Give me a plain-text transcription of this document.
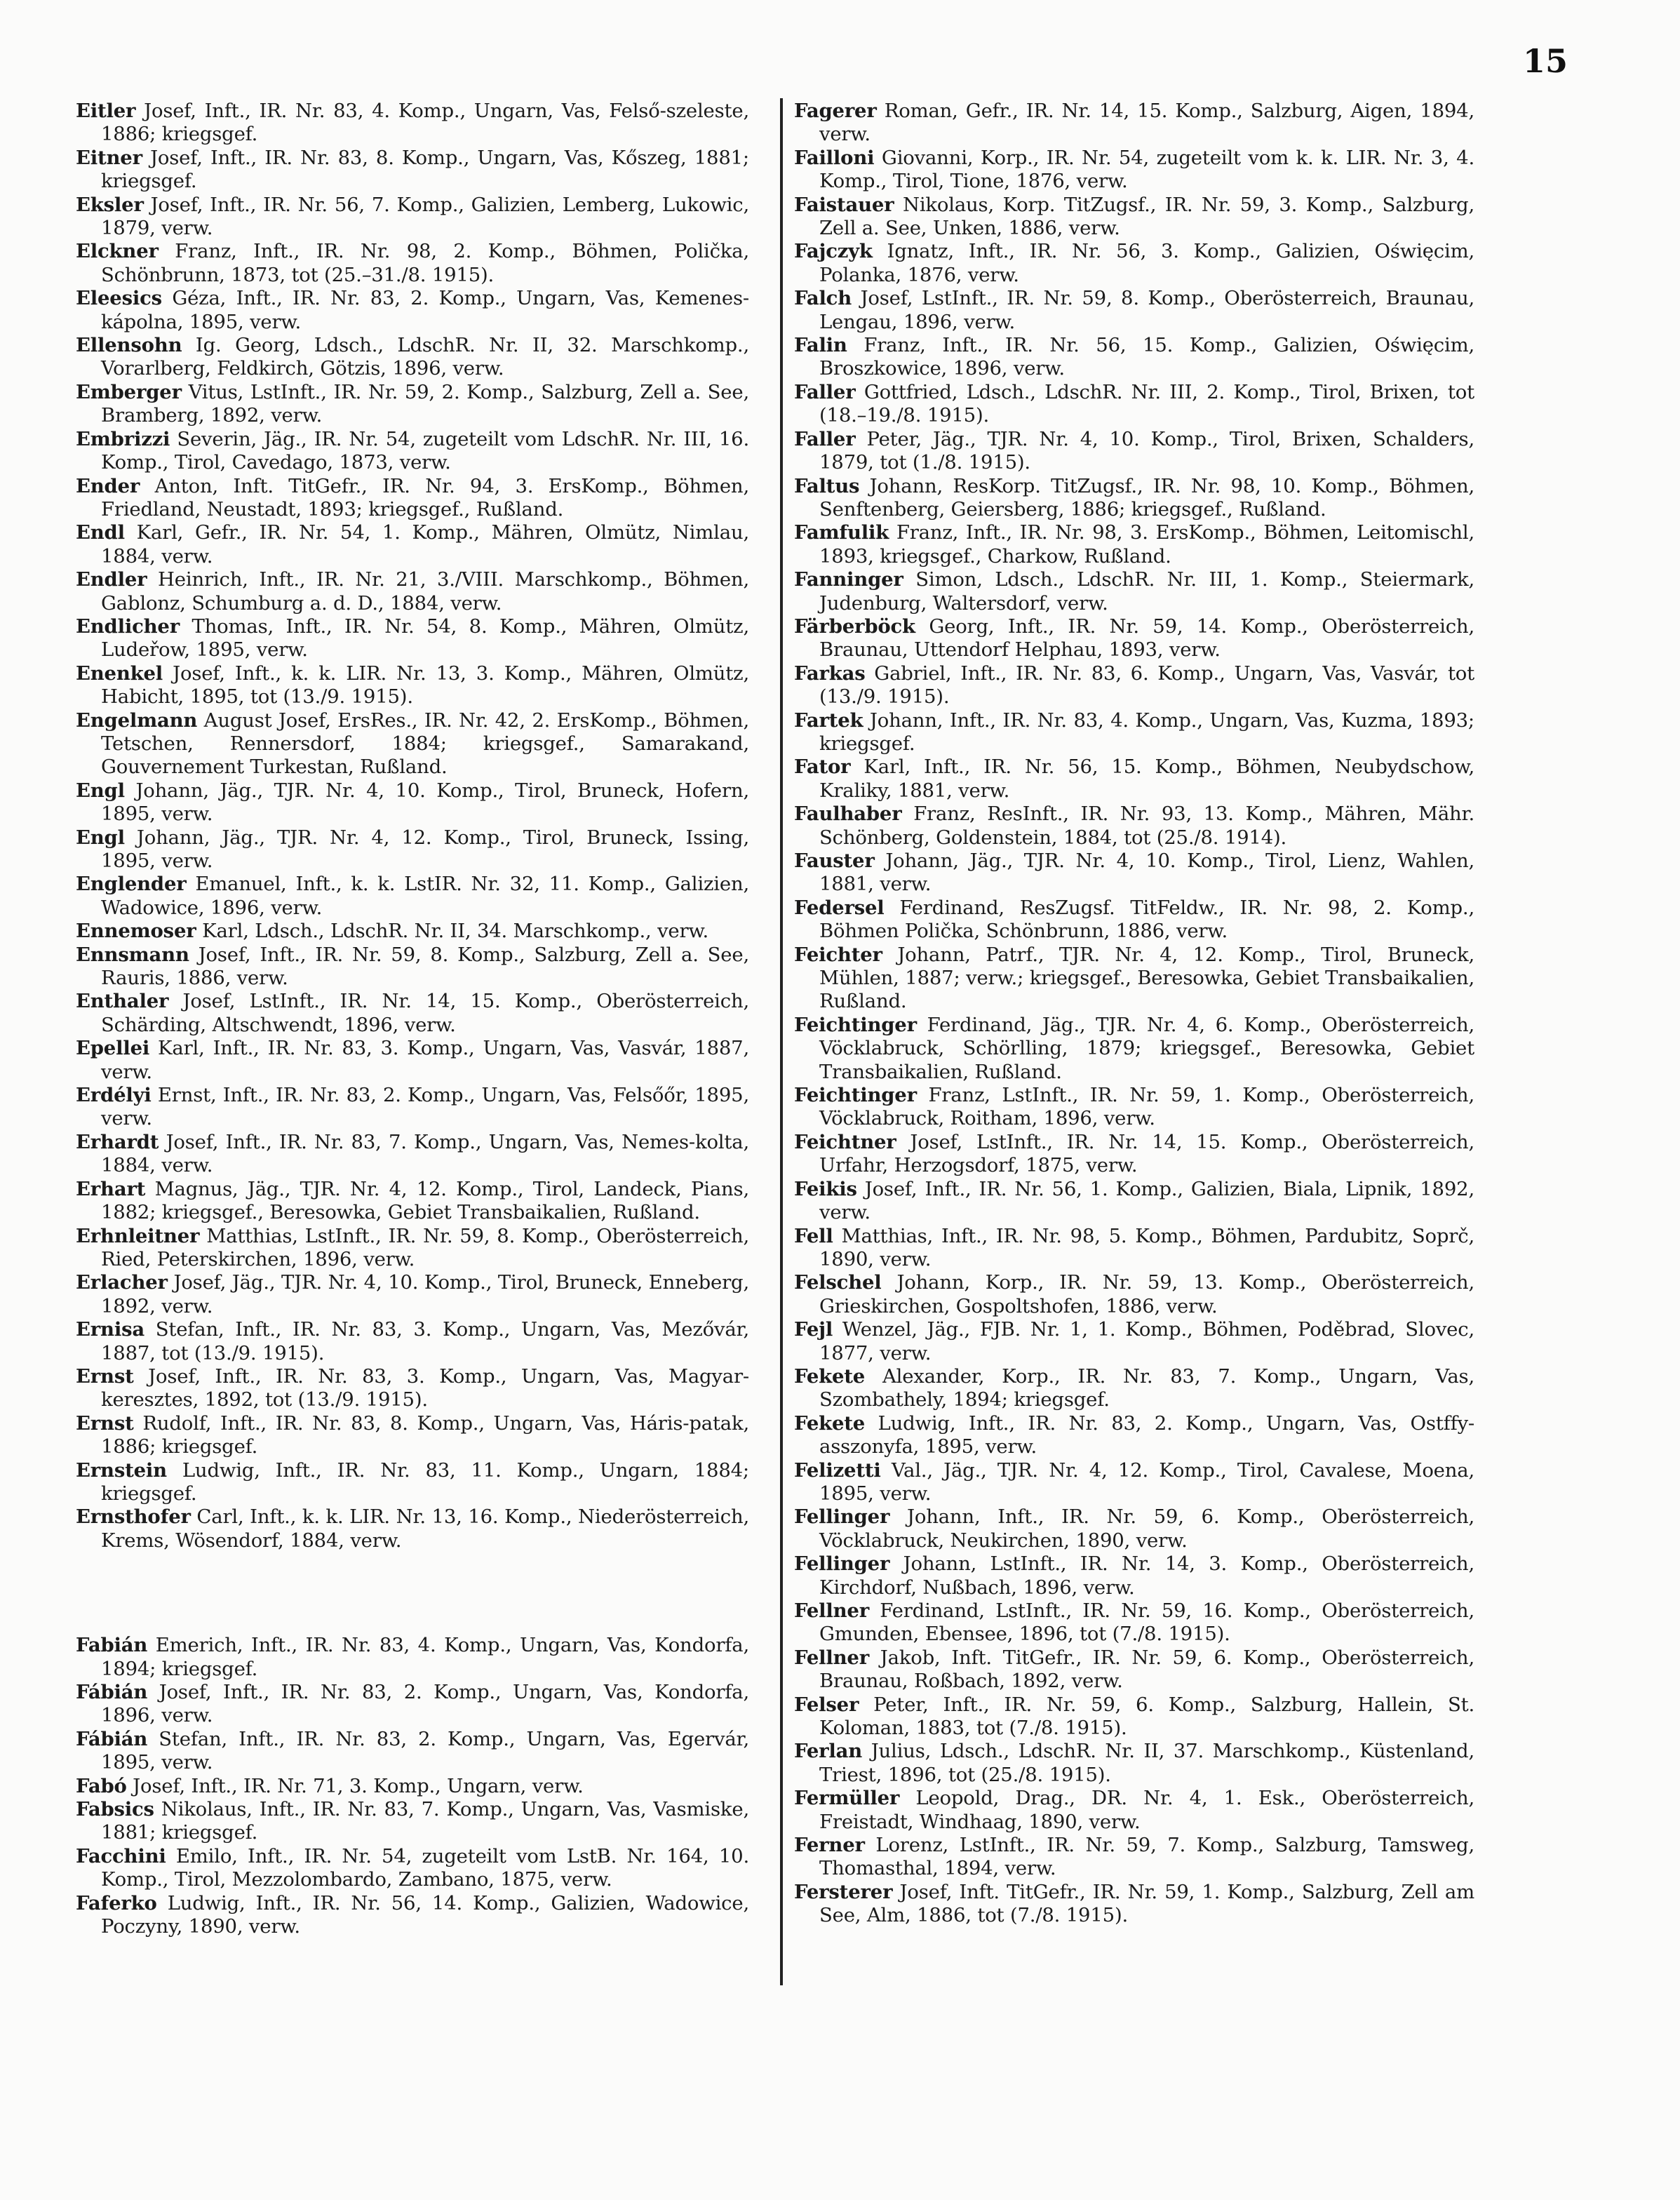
15

Eitler Josef, Inft., IR. Nr. 83, 4. Komp., Ungarn, Vas, Felső-szeleste, 1886; kriegsgef.

Eitner Josef, Inft., IR. Nr. 83, 8. Komp., Ungarn, Vas, Kőszeg, 1881; kriegsgef.

Eksler Josef, Inft., IR. Nr. 56, 7. Komp., Galizien, Lemberg, Lukowic, 1879, verw.

Elckner Franz, Inft., IR. Nr. 98, 2. Komp., Böhmen, Polička, Schönbrunn, 1873, tot (25.–31./8. 1915).

Eleesics Géza, Inft., IR. Nr. 83, 2. Komp., Ungarn, Vas, Kemenes-kápolna, 1895, verw.

Ellensohn Ig. Georg, Ldsch., LdschR. Nr. II, 32. Marschkomp., Vorarlberg, Feldkirch, Götzis, 1896, verw.

Emberger Vitus, LstInft., IR. Nr. 59, 2. Komp., Salzburg, Zell a. See, Bramberg, 1892, verw.

Embrizzi Severin, Jäg., IR. Nr. 54, zugeteilt vom LdschR. Nr. III, 16. Komp., Tirol, Cavedago, 1873, verw.

Ender Anton, Inft. TitGefr., IR. Nr. 94, 3. ErsKomp., Böhmen, Friedland, Neustadt, 1893; kriegsgef., Rußland.

Endl Karl, Gefr., IR. Nr. 54, 1. Komp., Mähren, Olmütz, Nimlau, 1884, verw.

Endler Heinrich, Inft., IR. Nr. 21, 3./VIII. Marschkomp., Böhmen, Gablonz, Schumburg a. d. D., 1884, verw.

Endlicher Thomas, Inft., IR. Nr. 54, 8. Komp., Mähren, Olmütz, Ludeřow, 1895, verw.

Enenkel Josef, Inft., k. k. LIR. Nr. 13, 3. Komp., Mähren, Olmütz, Habicht, 1895, tot (13./9. 1915).

Engelmann August Josef, ErsRes., IR. Nr. 42, 2. ErsKomp., Böhmen, Tetschen, Rennersdorf, 1884; kriegsgef., Samarakand, Gouvernement Turkestan, Rußland.

Engl Johann, Jäg., TJR. Nr. 4, 10. Komp., Tirol, Bruneck, Hofern, 1895, verw.

Engl Johann, Jäg., TJR. Nr. 4, 12. Komp., Tirol, Bruneck, Issing, 1895, verw.

Englender Emanuel, Inft., k. k. LstIR. Nr. 32, 11. Komp., Galizien, Wadowice, 1896, verw.

Ennemoser Karl, Ldsch., LdschR. Nr. II, 34. Marschkomp., verw.

Ennsmann Josef, Inft., IR. Nr. 59, 8. Komp., Salzburg, Zell a. See, Rauris, 1886, verw.

Enthaler Josef, LstInft., IR. Nr. 14, 15. Komp., Oberösterreich, Schärding, Altschwendt, 1896, verw.

Epellei Karl, Inft., IR. Nr. 83, 3. Komp., Ungarn, Vas, Vasvár, 1887, verw.

Erdélyi Ernst, Inft., IR. Nr. 83, 2. Komp., Ungarn, Vas, Felsőőr, 1895, verw.

Erhardt Josef, Inft., IR. Nr. 83, 7. Komp., Ungarn, Vas, Nemes-kolta, 1884, verw.

Erhart Magnus, Jäg., TJR. Nr. 4, 12. Komp., Tirol, Landeck, Pians, 1882; kriegsgef., Beresowka, Gebiet Transbaikalien, Rußland.

Erhnleitner Matthias, LstInft., IR. Nr. 59, 8. Komp., Oberösterreich, Ried, Peterskirchen, 1896, verw.

Erlacher Josef, Jäg., TJR. Nr. 4, 10. Komp., Tirol, Bruneck, Enneberg, 1892, verw.

Ernisa Stefan, Inft., IR. Nr. 83, 3. Komp., Ungarn, Vas, Mezővár, 1887, tot (13./9. 1915).

Ernst Josef, Inft., IR. Nr. 83, 3. Komp., Ungarn, Vas, Magyar-keresztes, 1892, tot (13./9. 1915).

Ernst Rudolf, Inft., IR. Nr. 83, 8. Komp., Ungarn, Vas, Háris-patak, 1886; kriegsgef.

Ernstein Ludwig, Inft., IR. Nr. 83, 11. Komp., Ungarn, 1884; kriegsgef.

Ernsthofer Carl, Inft., k. k. LIR. Nr. 13, 16. Komp., Niederösterreich, Krems, Wösendorf, 1884, verw.

Fabián Emerich, Inft., IR. Nr. 83, 4. Komp., Ungarn, Vas, Kondorfa, 1894; kriegsgef.

Fábián Josef, Inft., IR. Nr. 83, 2. Komp., Ungarn, Vas, Kondorfa, 1896, verw.

Fábián Stefan, Inft., IR. Nr. 83, 2. Komp., Ungarn, Vas, Egervár, 1895, verw.

Fabó Josef, Inft., IR. Nr. 71, 3. Komp., Ungarn, verw.

Fabsics Nikolaus, Inft., IR. Nr. 83, 7. Komp., Ungarn, Vas, Vasmiske, 1881; kriegsgef.

Facchini Emilo, Inft., IR. Nr. 54, zugeteilt vom LstB. Nr. 164, 10. Komp., Tirol, Mezzolombardo, Zambano, 1875, verw.

Faferko Ludwig, Inft., IR. Nr. 56, 14. Komp., Galizien, Wadowice, Poczyny, 1890, verw.

Fagerer Roman, Gefr., IR. Nr. 14, 15. Komp., Salzburg, Aigen, 1894, verw.

Failloni Giovanni, Korp., IR. Nr. 54, zugeteilt vom k. k. LIR. Nr. 3, 4. Komp., Tirol, Tione, 1876, verw.

Faistauer Nikolaus, Korp. TitZugsf., IR. Nr. 59, 3. Komp., Salzburg, Zell a. See, Unken, 1886, verw.

Fajczyk Ignatz, Inft., IR. Nr. 56, 3. Komp., Galizien, Oświęcim, Polanka, 1876, verw.

Falch Josef, LstInft., IR. Nr. 59, 8. Komp., Oberösterreich, Braunau, Lengau, 1896, verw.

Falin Franz, Inft., IR. Nr. 56, 15. Komp., Galizien, Oświęcim, Broszkowice, 1896, verw.

Faller Gottfried, Ldsch., LdschR. Nr. III, 2. Komp., Tirol, Brixen, tot (18.–19./8. 1915).

Faller Peter, Jäg., TJR. Nr. 4, 10. Komp., Tirol, Brixen, Schalders, 1879, tot (1./8. 1915).

Faltus Johann, ResKorp. TitZugsf., IR. Nr. 98, 10. Komp., Böhmen, Senftenberg, Geiersberg, 1886; kriegsgef., Rußland.

Famfulik Franz, Inft., IR. Nr. 98, 3. ErsKomp., Böhmen, Leitomischl, 1893, kriegsgef., Charkow, Rußland.

Fanninger Simon, Ldsch., LdschR. Nr. III, 1. Komp., Steiermark, Judenburg, Waltersdorf, verw.

Färberböck Georg, Inft., IR. Nr. 59, 14. Komp., Oberösterreich, Braunau, Uttendorf Helphau, 1893, verw.

Farkas Gabriel, Inft., IR. Nr. 83, 6. Komp., Ungarn, Vas, Vasvár, tot (13./9. 1915).

Fartek Johann, Inft., IR. Nr. 83, 4. Komp., Ungarn, Vas, Kuzma, 1893; kriegsgef.

Fator Karl, Inft., IR. Nr. 56, 15. Komp., Böhmen, Neubydschow, Kraliky, 1881, verw.

Faulhaber Franz, ResInft., IR. Nr. 93, 13. Komp., Mähren, Mähr. Schönberg, Goldenstein, 1884, tot (25./8. 1914).

Fauster Johann, Jäg., TJR. Nr. 4, 10. Komp., Tirol, Lienz, Wahlen, 1881, verw.

Federsel Ferdinand, ResZugsf. TitFeldw., IR. Nr. 98, 2. Komp., Böhmen Polička, Schönbrunn, 1886, verw.

Feichter Johann, Patrf., TJR. Nr. 4, 12. Komp., Tirol, Bruneck, Mühlen, 1887; verw.; kriegsgef., Beresowka, Gebiet Transbaikalien, Rußland.

Feichtinger Ferdinand, Jäg., TJR. Nr. 4, 6. Komp., Oberösterreich, Vöcklabruck, Schörlling, 1879; kriegsgef., Beresowka, Gebiet Transbaikalien, Rußland.

Feichtinger Franz, LstInft., IR. Nr. 59, 1. Komp., Oberösterreich, Vöcklabruck, Roitham, 1896, verw.

Feichtner Josef, LstInft., IR. Nr. 14, 15. Komp., Oberösterreich, Urfahr, Herzogsdorf, 1875, verw.

Feikis Josef, Inft., IR. Nr. 56, 1. Komp., Galizien, Biala, Lipnik, 1892, verw.

Fell Matthias, Inft., IR. Nr. 98, 5. Komp., Böhmen, Pardubitz, Soprč, 1890, verw.

Felschel Johann, Korp., IR. Nr. 59, 13. Komp., Oberösterreich, Grieskirchen, Gospoltshofen, 1886, verw.

Fejl Wenzel, Jäg., FJB. Nr. 1, 1. Komp., Böhmen, Poděbrad, Slovec, 1877, verw.

Fekete Alexander, Korp., IR. Nr. 83, 7. Komp., Ungarn, Vas, Szombathely, 1894; kriegsgef.

Fekete Ludwig, Inft., IR. Nr. 83, 2. Komp., Ungarn, Vas, Ostffy-asszonyfa, 1895, verw.

Felizetti Val., Jäg., TJR. Nr. 4, 12. Komp., Tirol, Cavalese, Moena, 1895, verw.

Fellinger Johann, Inft., IR. Nr. 59, 6. Komp., Oberösterreich, Vöcklabruck, Neukirchen, 1890, verw.

Fellinger Johann, LstInft., IR. Nr. 14, 3. Komp., Oberösterreich, Kirchdorf, Nußbach, 1896, verw.

Fellner Ferdinand, LstInft., IR. Nr. 59, 16. Komp., Oberösterreich, Gmunden, Ebensee, 1896, tot (7./8. 1915).

Fellner Jakob, Inft. TitGefr., IR. Nr. 59, 6. Komp., Oberösterreich, Braunau, Roßbach, 1892, verw.

Felser Peter, Inft., IR. Nr. 59, 6. Komp., Salzburg, Hallein, St. Koloman, 1883, tot (7./8. 1915).

Ferlan Julius, Ldsch., LdschR. Nr. II, 37. Marschkomp., Küstenland, Triest, 1896, tot (25./8. 1915).

Fermüller Leopold, Drag., DR. Nr. 4, 1. Esk., Oberösterreich, Freistadt, Windhaag, 1890, verw.

Ferner Lorenz, LstInft., IR. Nr. 59, 7. Komp., Salzburg, Tamsweg, Thomasthal, 1894, verw.

Fersterer Josef, Inft. TitGefr., IR. Nr. 59, 1. Komp., Salzburg, Zell am See, Alm, 1886, tot (7./8. 1915).
